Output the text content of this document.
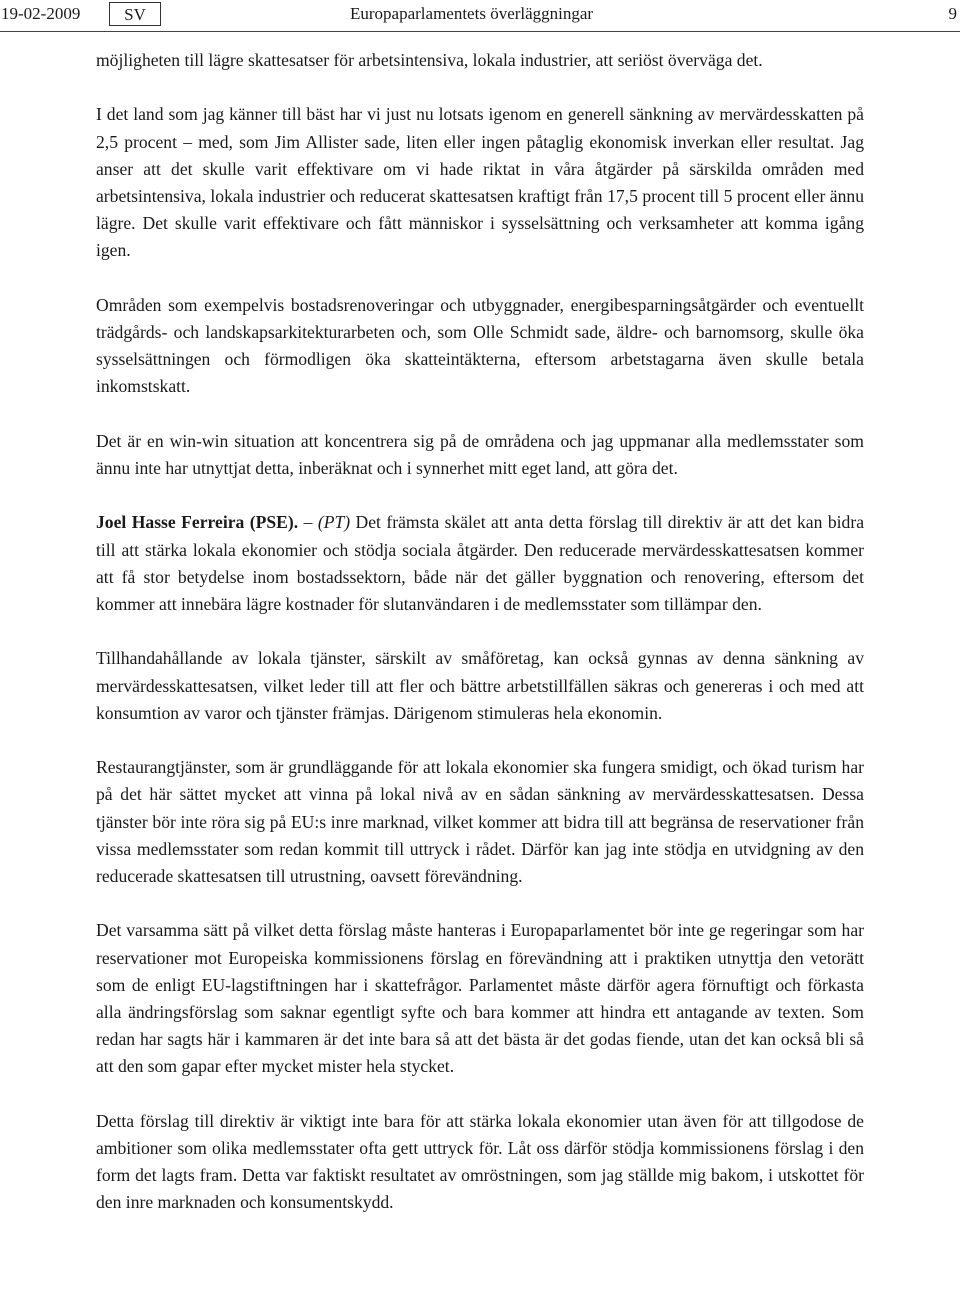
19-02-2009	SV	Europaparlamentets överläggningar	9

möjligheten till lägre skattesatser för arbetsintensiva, lokala industrier, att seriöst överväga det.

I det land som jag känner till bäst har vi just nu lotsats igenom en generell sänkning av mervärdesskatten på 2,5 procent – med, som Jim Allister sade, liten eller ingen påtaglig ekonomisk inverkan eller resultat. Jag anser att det skulle varit effektivare om vi hade riktat in våra åtgärder på särskilda områden med arbetsintensiva, lokala industrier och reducerat skattesatsen kraftigt från 17,5 procent till 5 procent eller ännu lägre. Det skulle varit effektivare och fått människor i sysselsättning och verksamheter att komma igång igen.

Områden som exempelvis bostadsrenoveringar och utbyggnader, energibesparningsåtgärder och eventuellt trädgårds- och landskapsarkitekturarbeten och, som Olle Schmidt sade, äldre- och barnomsorg, skulle öka sysselsättningen och förmodligen öka skatteintäkterna, eftersom arbetstagarna även skulle betala inkomstskatt.

Det är en win-win situation att koncentrera sig på de områdena och jag uppmanar alla medlemsstater som ännu inte har utnyttjat detta, inberäknat och i synnerhet mitt eget land, att göra det.

Joel Hasse Ferreira (PSE). – (PT) Det främsta skälet att anta detta förslag till direktiv är att det kan bidra till att stärka lokala ekonomier och stödja sociala åtgärder. Den reducerade mervärdesskattesatsen kommer att få stor betydelse inom bostadssektorn, både när det gäller byggnation och renovering, eftersom det kommer att innebära lägre kostnader för slutanvändaren i de medlemsstater som tillämpar den.

Tillhandahållande av lokala tjänster, särskilt av småföretag, kan också gynnas av denna sänkning av mervärdesskattesatsen, vilket leder till att fler och bättre arbetstillfällen säkras och genereras i och med att konsumtion av varor och tjänster främjas. Därigenom stimuleras hela ekonomin.

Restaurangtjänster, som är grundläggande för att lokala ekonomier ska fungera smidigt, och ökad turism har på det här sättet mycket att vinna på lokal nivå av en sådan sänkning av mervärdesskattesatsen. Dessa tjänster bör inte röra sig på EU:s inre marknad, vilket kommer att bidra till att begränsa de reservationer från vissa medlemsstater som redan kommit till uttryck i rådet. Därför kan jag inte stödja en utvidgning av den reducerade skattesatsen till utrustning, oavsett förevändning.

Det varsamma sätt på vilket detta förslag måste hanteras i Europaparlamentet bör inte ge regeringar som har reservationer mot Europeiska kommissionens förslag en förevändning att i praktiken utnyttja den vetorätt som de enligt EU-lagstiftningen har i skattefrågor. Parlamentet måste därför agera förnuftigt och förkasta alla ändringsförslag som saknar egentligt syfte och bara kommer att hindra ett antagande av texten. Som redan har sagts här i kammaren är det inte bara så att det bästa är det godas fiende, utan det kan också bli så att den som gapar efter mycket mister hela stycket.

Detta förslag till direktiv är viktigt inte bara för att stärka lokala ekonomier utan även för att tillgodose de ambitioner som olika medlemsstater ofta gett uttryck för. Låt oss därför stödja kommissionens förslag i den form det lagts fram. Detta var faktiskt resultatet av omröstningen, som jag ställde mig bakom, i utskottet för den inre marknaden och konsumentskydd.
